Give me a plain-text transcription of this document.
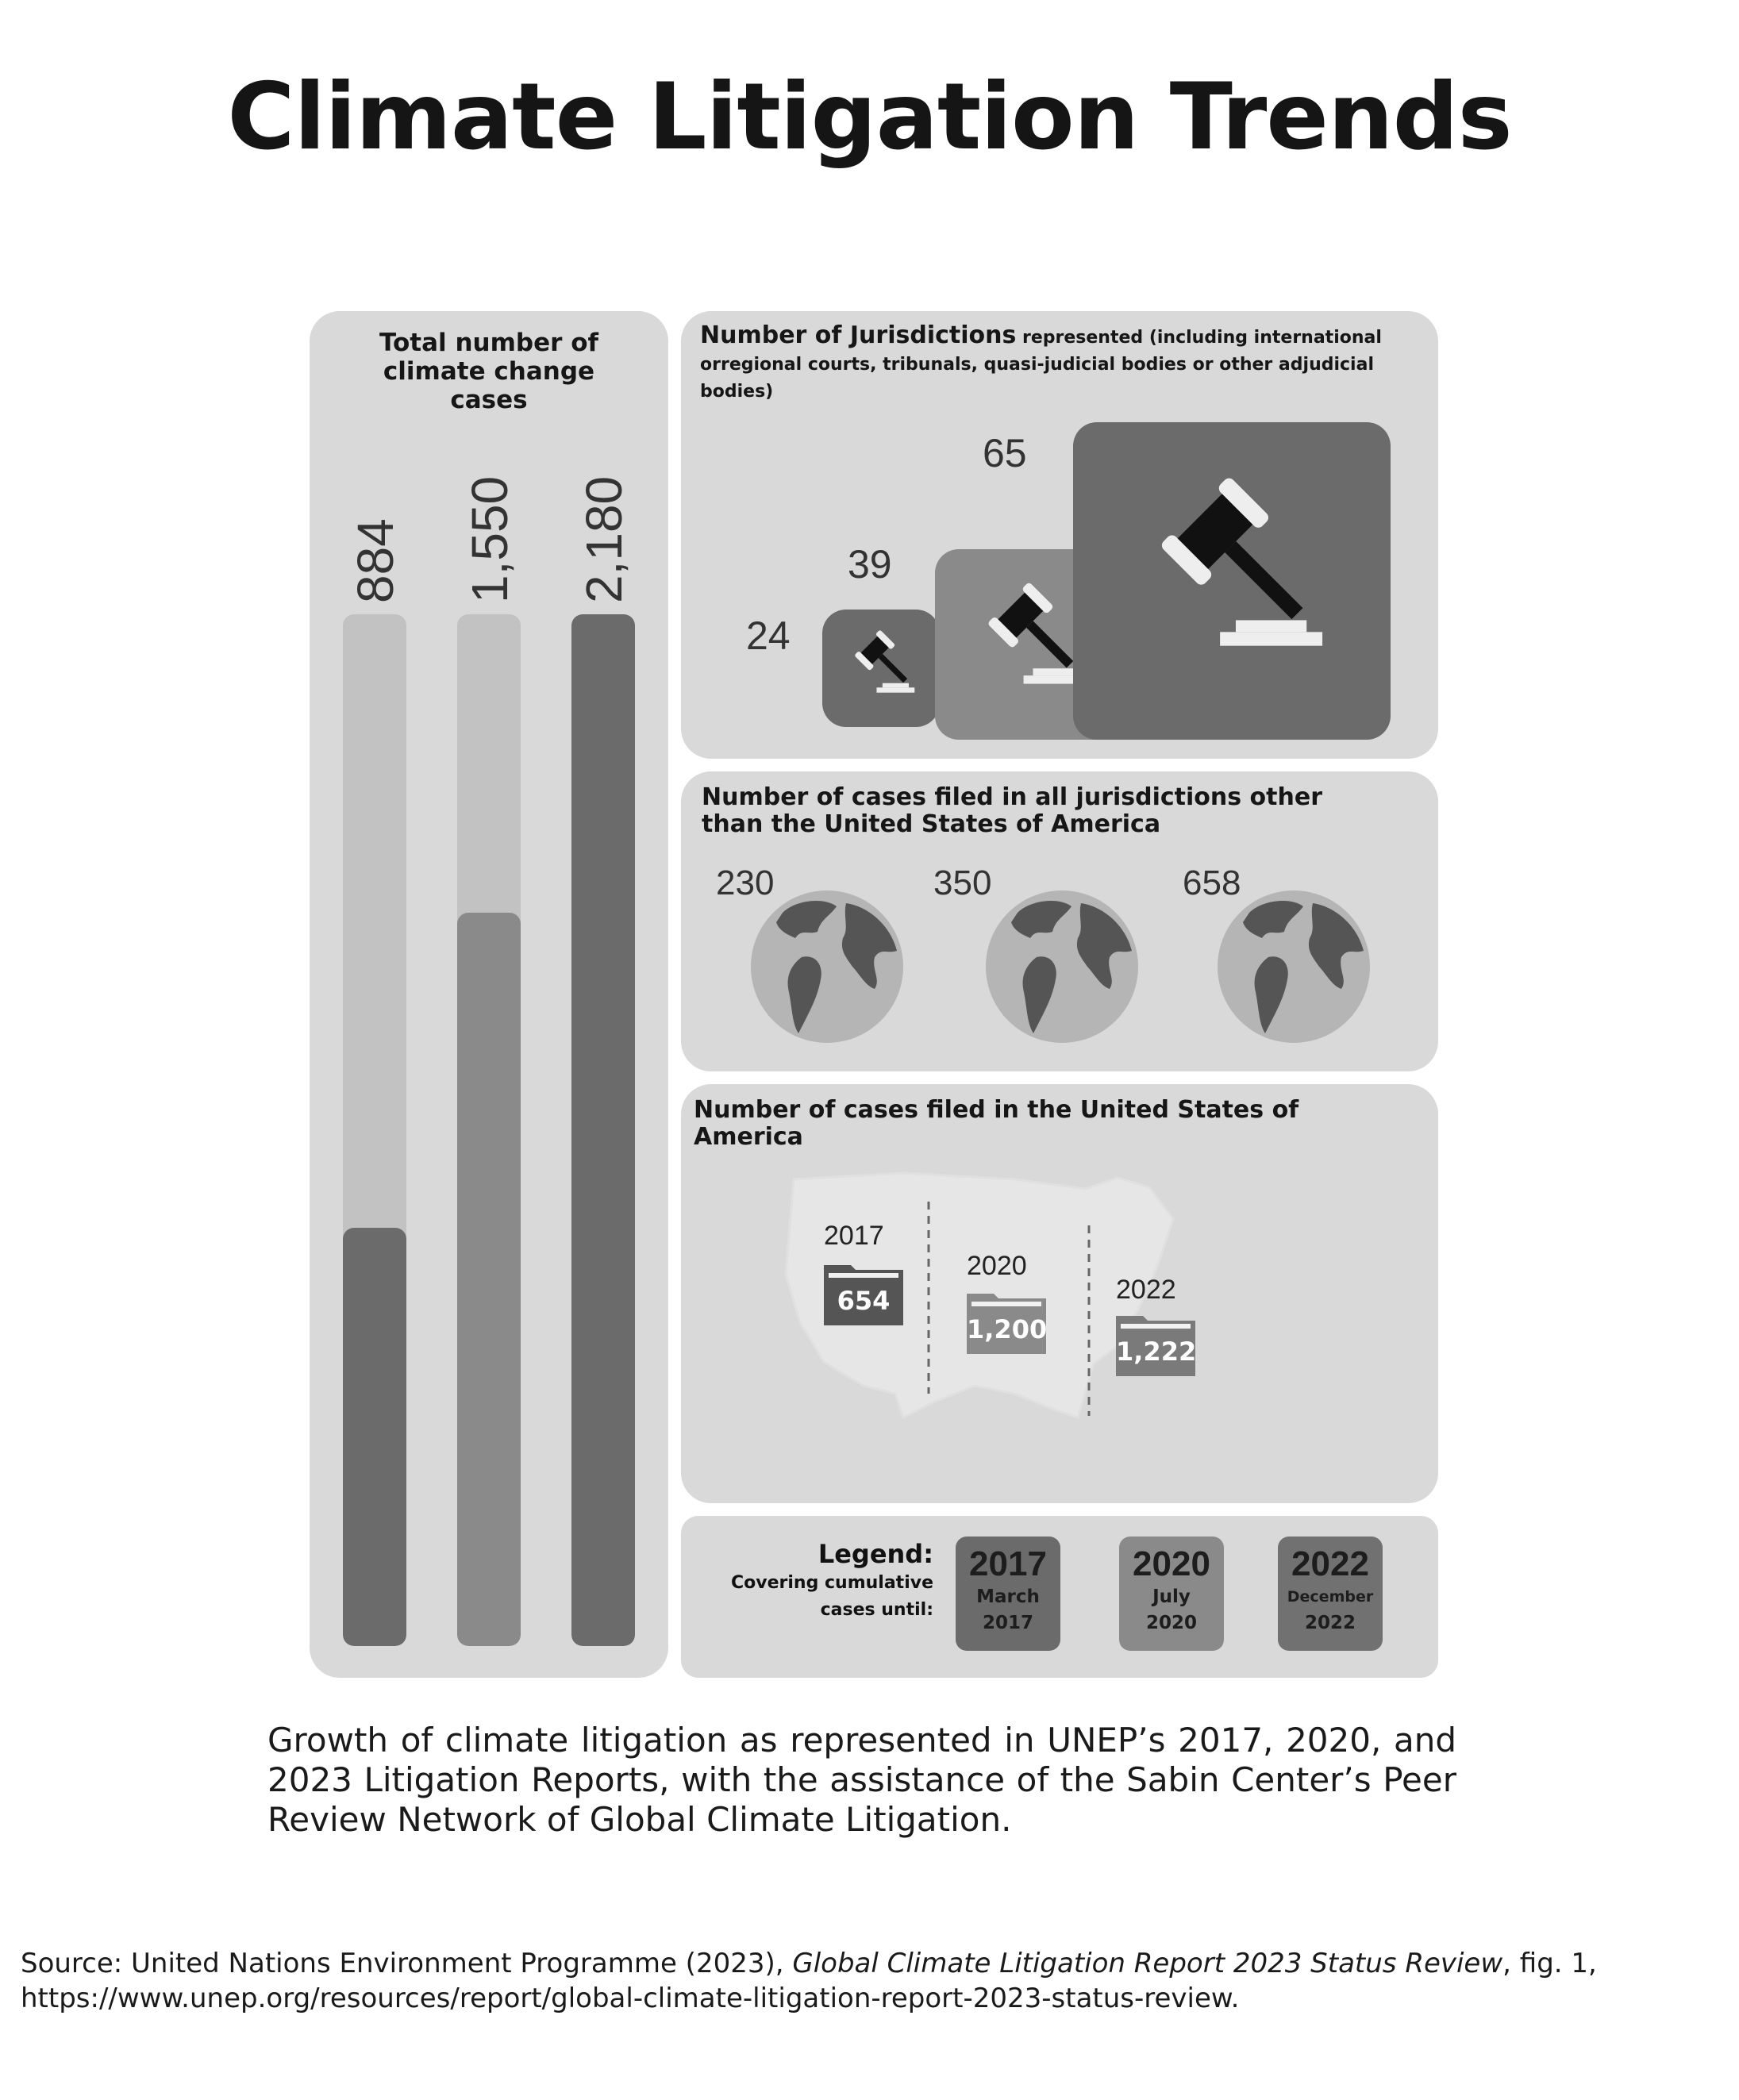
Climate Litigation Trends
Total number of climate change cases
884 1,550 2,180
Number of Jurisdictions represented (including international orregional courts, tribunals, quasi-judicial bodies or other adjudicial bodies)
24
39
65
Number of cases filed in all jurisdictions other than the United States of America
230	350	658
Number of cases filed in the United States of America
2017
654
2020
1,200
2022
1,222
Legend:
Covering cumulative
cases until:
2017
March
2017
2020
July
2020
2022
December
2022
Growth of climate litigation as represented in UNEP’s 2017, 2020, and 2023 Litigation Reports, with the assistance of the Sabin Center’s Peer Review Network of Global Climate Litigation.
Source: United Nations Environment Programme (2023), Global Climate Litigation Report 2023 Status Review, fig. 1, https://www.unep.org/resources/report/global-climate-litigation-report-2023-status-review.
